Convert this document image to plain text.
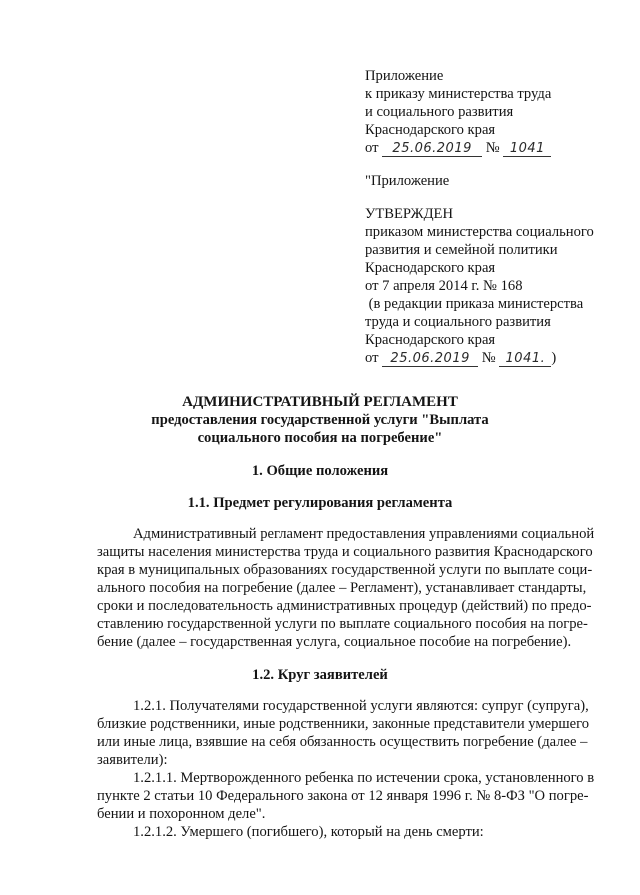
Приложение
к приказу министерства труда
и социального развития
Краснодарского края
от 25.06.2019 № 1041
"Приложение
УТВЕРЖДЕН
приказом министерства социального
развития и семейной политики
Краснодарского края
от 7 апреля 2014 г. № 168
(в редакции приказа министерства
труда и социального развития
Краснодарского края
от 25.06.2019 № 1041. )
АДМИНИСТРАТИВНЫЙ РЕГЛАМЕНТ
предоставления государственной услуги "Выплата
социального пособия на погребение"
1. Общие положения
1.1. Предмет регулирования регламента
Административный регламент предоставления управлениями социальной
защиты населения министерства труда и социального развития Краснодарского
края в муниципальных образованиях государственной услуги по выплате соци-
ального пособия на погребение (далее – Регламент), устанавливает стандарты,
сроки и последовательность административных процедур (действий) по предо-
ставлению государственной услуги по выплате социального пособия на погре-
бение (далее – государственная услуга, социальное пособие на погребение).
1.2. Круг заявителей
1.2.1. Получателями государственной услуги являются: супруг (супруга),
близкие родственники, иные родственники, законные представители умершего
или иные лица, взявшие на себя обязанность осуществить погребение (далее –
заявители):
1.2.1.1. Мертворожденного ребенка по истечении срока, установленного в
пункте 2 статьи 10 Федерального закона от 12 января 1996 г. № 8-ФЗ "О погре-
бении и похоронном деле".
1.2.1.2. Умершего (погибшего), который на день смерти:
